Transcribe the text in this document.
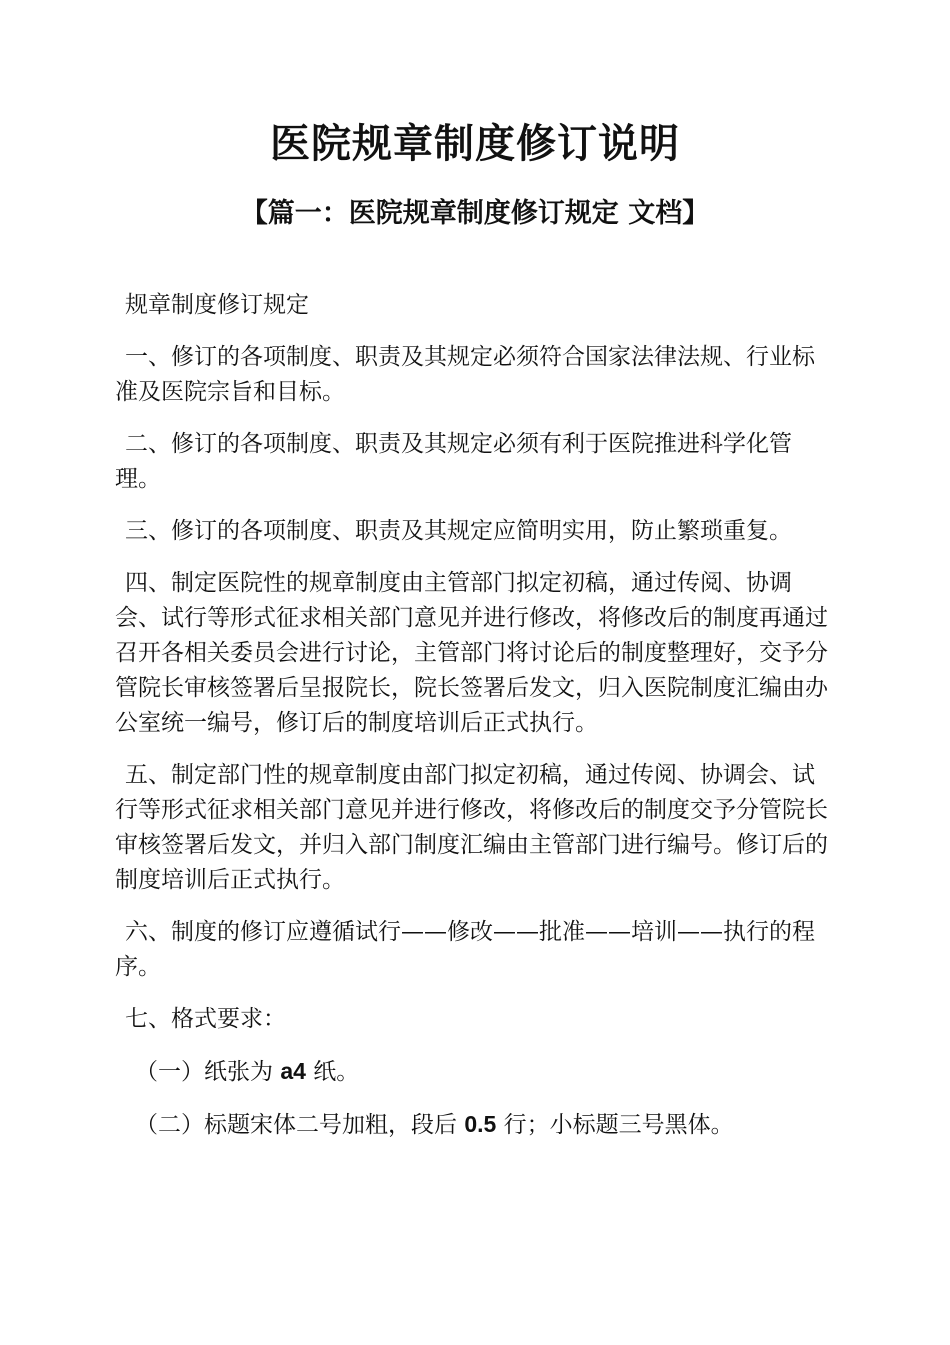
医院规章制度修订说明
【篇一：医院规章制度修订规定 文档】

规章制度修订规定

一、修订的各项制度、职责及其规定必须符合国家法律法规、行业标准及医院宗旨和目标。

二、修订的各项制度、职责及其规定必须有利于医院推进科学化管理。

三、修订的各项制度、职责及其规定应简明实用，防止繁琐重复。

四、制定医院性的规章制度由主管部门拟定初稿，通过传阅、协调会、试行等形式征求相关部门意见并进行修改，将修改后的制度再通过召开各相关委员会进行讨论，主管部门将讨论后的制度整理好，交予分管院长审核签署后呈报院长，院长签署后发文，归入医院制度汇编由办公室统一编号，修订后的制度培训后正式执行。

五、制定部门性的规章制度由部门拟定初稿，通过传阅、协调会、试行等形式征求相关部门意见并进行修改，将修改后的制度交予分管院长审核签署后发文，并归入部门制度汇编由主管部门进行编号。修订后的制度培训后正式执行。

六、制度的修订应遵循试行——修改——批准——培训——执行的程序。

七、格式要求：

（一）纸张为 a4 纸。

（二）标题宋体二号加粗，段后 0.5 行；小标题三号黑体。
